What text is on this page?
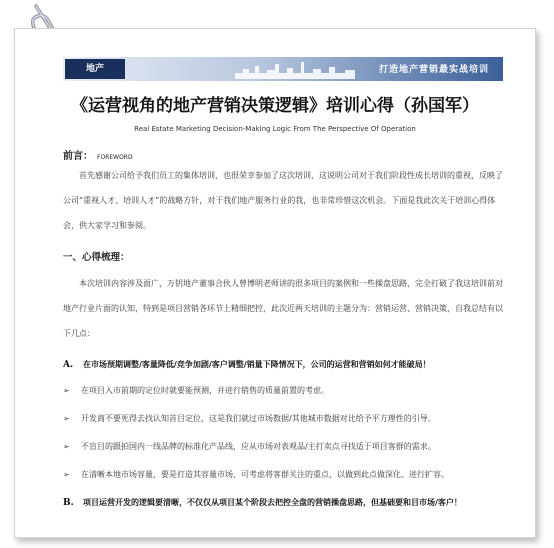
地产	打造地产营销最实战培训
《运营视角的地产营销决策逻辑》培训心得（孙国军）
Real Estate Marketing Decision-Making Logic From The Perspective Of Operation
前言： FOREWORD
首先感谢公司给予我们员工的集体培训，也很荣幸参加了这次培训，这说明公司对于我们阶段性成长培训的重视，反映了公司“重视人才、培训人才”的战略方针，对于我们地产服务行业的我，也非常珍惜这次机会。下面是我此次关于培训心得体会，供大家学习和参阅。
一、心得梳理：
本次培训内容涉及面广，万钥地产董事合伙人曾博明老师讲的很多项目的案例和一些操盘思路，完全打破了我这培训前对地产行业片面的认知，特到是项目营销各环节上精细把控，此次近两天培训的主题分为：营销运营、营销决策，自我总结有以下几点：
A. 在市场预期调整/客量降低/竞争加剧/客户调整/销量下降情况下，公司的运营和营销如何才能破局！
➢ 在项目入市前期的定位时就要能预测，并进行销售的质量前置的考虑。
➢ 开发商不要死得去找认知首目定位，这是我们就过市场数据/其他城市数据对比给予平方理性的引导。
➢ 不盲目的跟拍国内一线品牌的标准化产品线，应从市场对表观品/主打卖点寻找适于项目客群的需求。
➢ 在清晰本地市场容量，要是打造其容量市场，可考虑将客群关注的重点，以做到此点做深化、进行扩容。
B. 项目运营开发的逻辑要清晰，不仅仅从项目某个阶段去把控全盘的营销操盘思路，但基础要和目市场/客户！
